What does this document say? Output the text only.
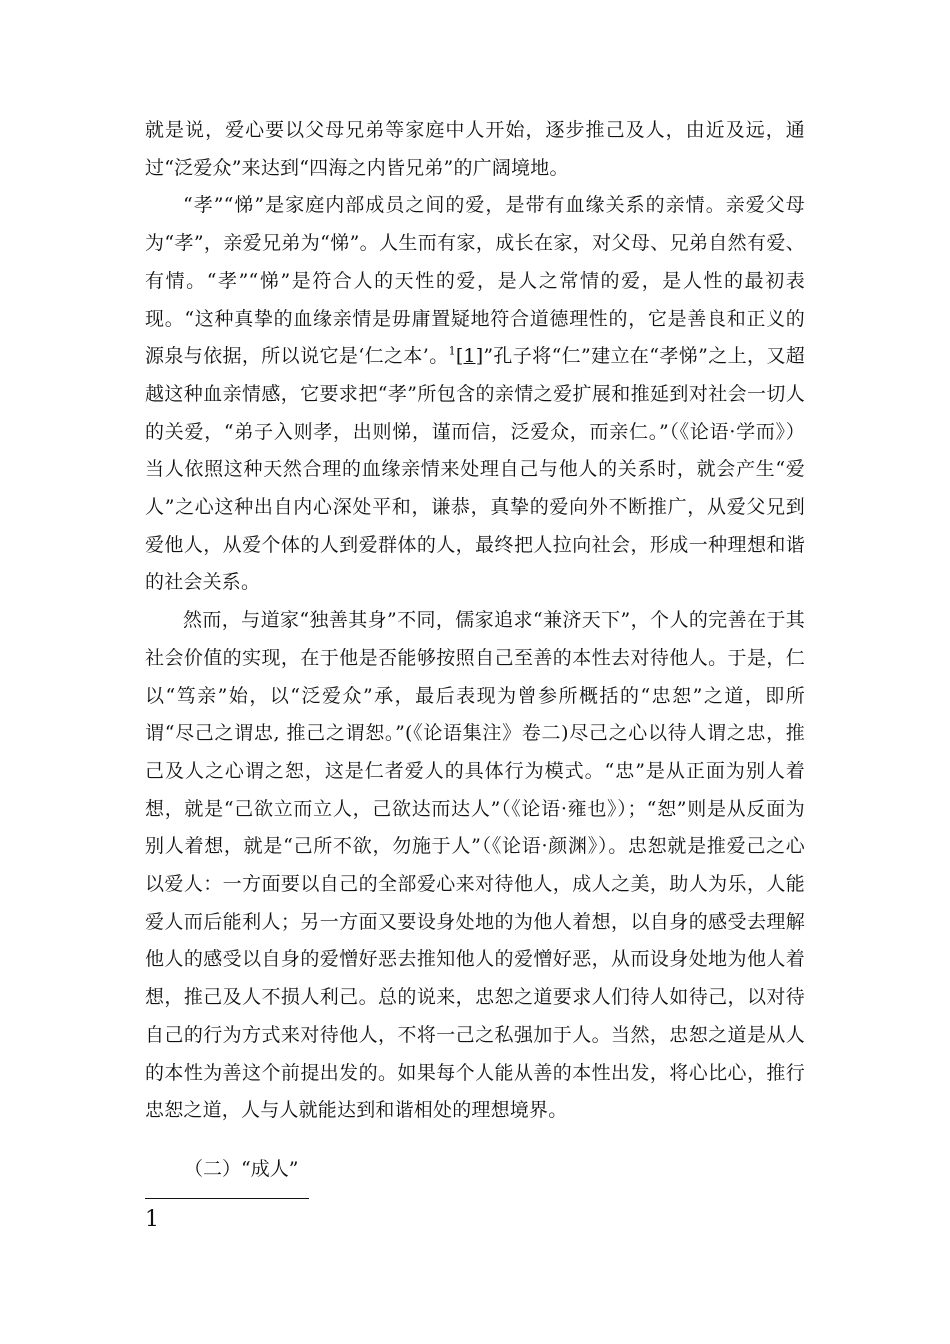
就是说，爱心要以父母兄弟等家庭中人开始，逐步推己及人，由近及远，通过“泛爱众”来达到“四海之内皆兄弟”的广阔境地。

“孝”“悌”是家庭内部成员之间的爱，是带有血缘关系的亲情。亲爱父母为“孝”，亲爱兄弟为“悌”。人生而有家，成长在家，对父母、兄弟自然有爱、有情。“孝”“悌”是符合人的天性的爱，是人之常情的爱，是人性的最初表现。“这种真挚的血缘亲情是毋庸置疑地符合道德理性的，它是善良和正义的源泉与依据，所以说它是‘仁之本’。$^1$[1]”孔子将“仁”建立在“孝悌”之上，又超越这种血亲情感，它要求把“孝”所包含的亲情之爱扩展和推延到对社会一切人的关爱，“弟子入则孝，出则悌，谨而信，泛爱众，而亲仁。”（《论语·学而》）当人依照这种天然合理的血缘亲情来处理自己与他人的关系时，就会产生“爱人”之心这种出自内心深处平和，谦恭，真挚的爱向外不断推广，从爱父兄到爱他人，从爱个体的人到爱群体的人，最终把人拉向社会，形成一种理想和谐的社会关系。

然而，与道家“独善其身”不同，儒家追求“兼济天下”，个人的完善在于其社会价值的实现，在于他是否能够按照自己至善的本性去对待他人。于是，仁以“笃亲”始，以“泛爱众”承，最后表现为曾参所概括的“忠恕”之道，即所谓“尽己之谓忠, 推己之谓恕。”(《论语集注》卷二)尽己之心以待人谓之忠，推己及人之心谓之恕，这是仁者爱人的具体行为模式。“忠”是从正面为别人着想，就是“己欲立而立人，己欲达而达人”（《论语·雍也》）；“恕”则是从反面为别人着想，就是“己所不欲，勿施于人”（《论语·颜渊》）。忠恕就是推爱己之心以爱人：一方面要以自己的全部爱心来对待他人，成人之美，助人为乐，人能爱人而后能利人；另一方面又要设身处地的为他人着想，以自身的感受去理解他人的感受以自身的爱憎好恶去推知他人的爱憎好恶，从而设身处地为他人着想，推己及人不损人利己。总的说来，忠恕之道要求人们待人如待己，以对待自己的行为方式来对待他人，不将一己之私强加于人。当然，忠恕之道是从人的本性为善这个前提出发的。如果每个人能从善的本性出发，将心比心，推行忠恕之道，人与人就能达到和谐相处的理想境界。

（二）“成人”

1
